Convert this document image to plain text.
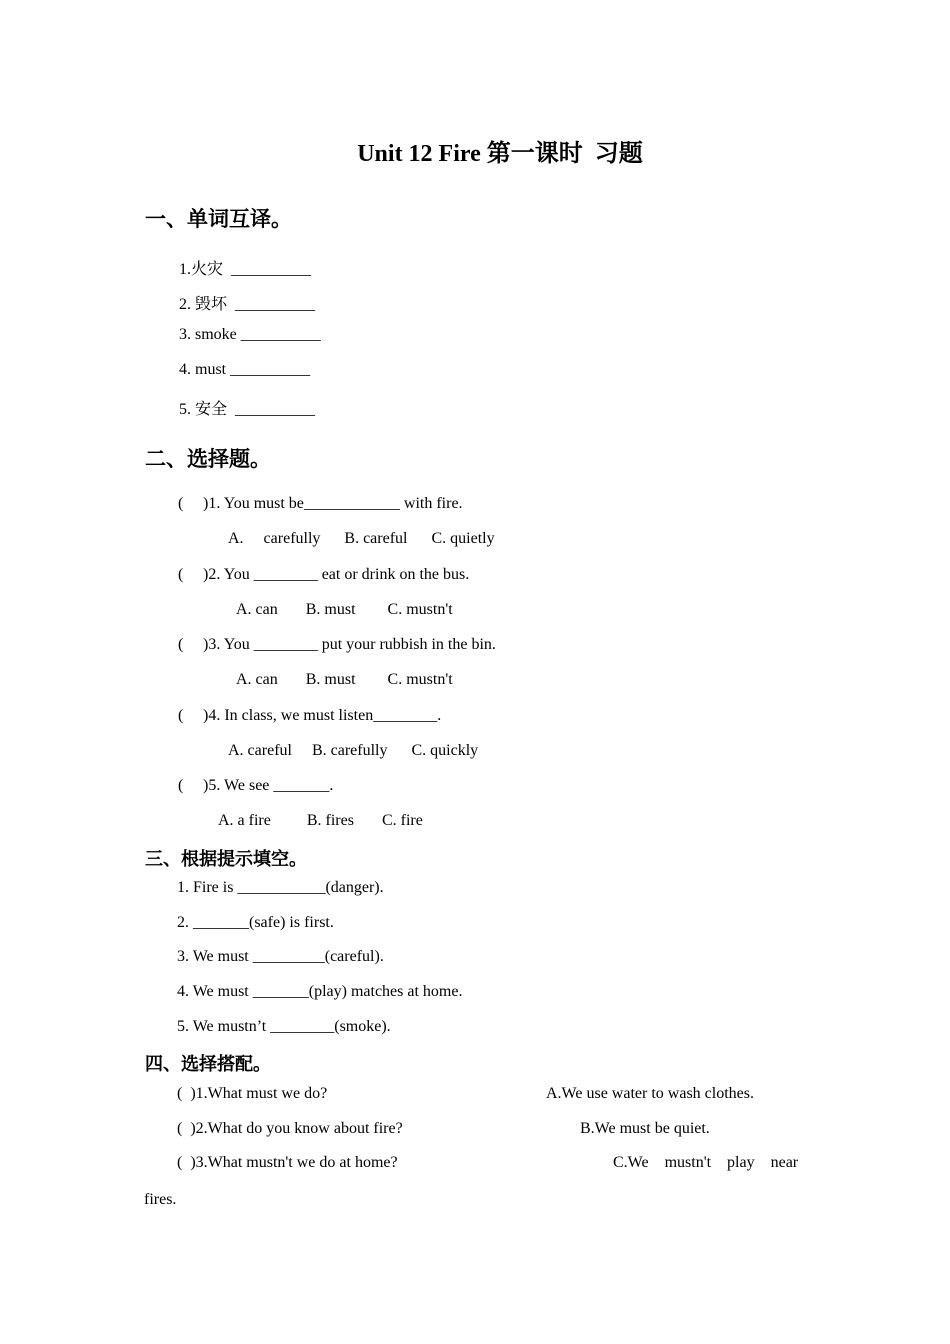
Unit 12 Fire 第一课时  习题
一、单词互译。
1.火灾  __________
2. 毁坏  __________
3. smoke __________
4. must __________
5. 安全  __________
二、选择题。
( )1. You must be____________ with fire.
A.     carefully      B. careful      C. quietly
( )2. You ________ eat or drink on the bus.
A. can       B. must        C. mustn't
( )3. You ________ put your rubbish in the bin.
A. can       B. must        C. mustn't
( )4. In class, we must listen________.
A. careful     B. carefully      C. quickly
( )5. We see _______.
A. a fire         B. fires       C. fire
三、根据提示填空。
1. Fire is ___________(danger).
2. _______(safe) is first.
3. We must _________(careful).
4. We must _______(play) matches at home.
5. We mustn’t ________(smoke).
四、选择搭配。
(  )1.What must we do?	A.We use water to wash clothes.
(  )2.What do you know about fire?	B.We must be quiet.
(  )3.What mustn't we do at home?	C.We    mustn't    play    near
fires.
